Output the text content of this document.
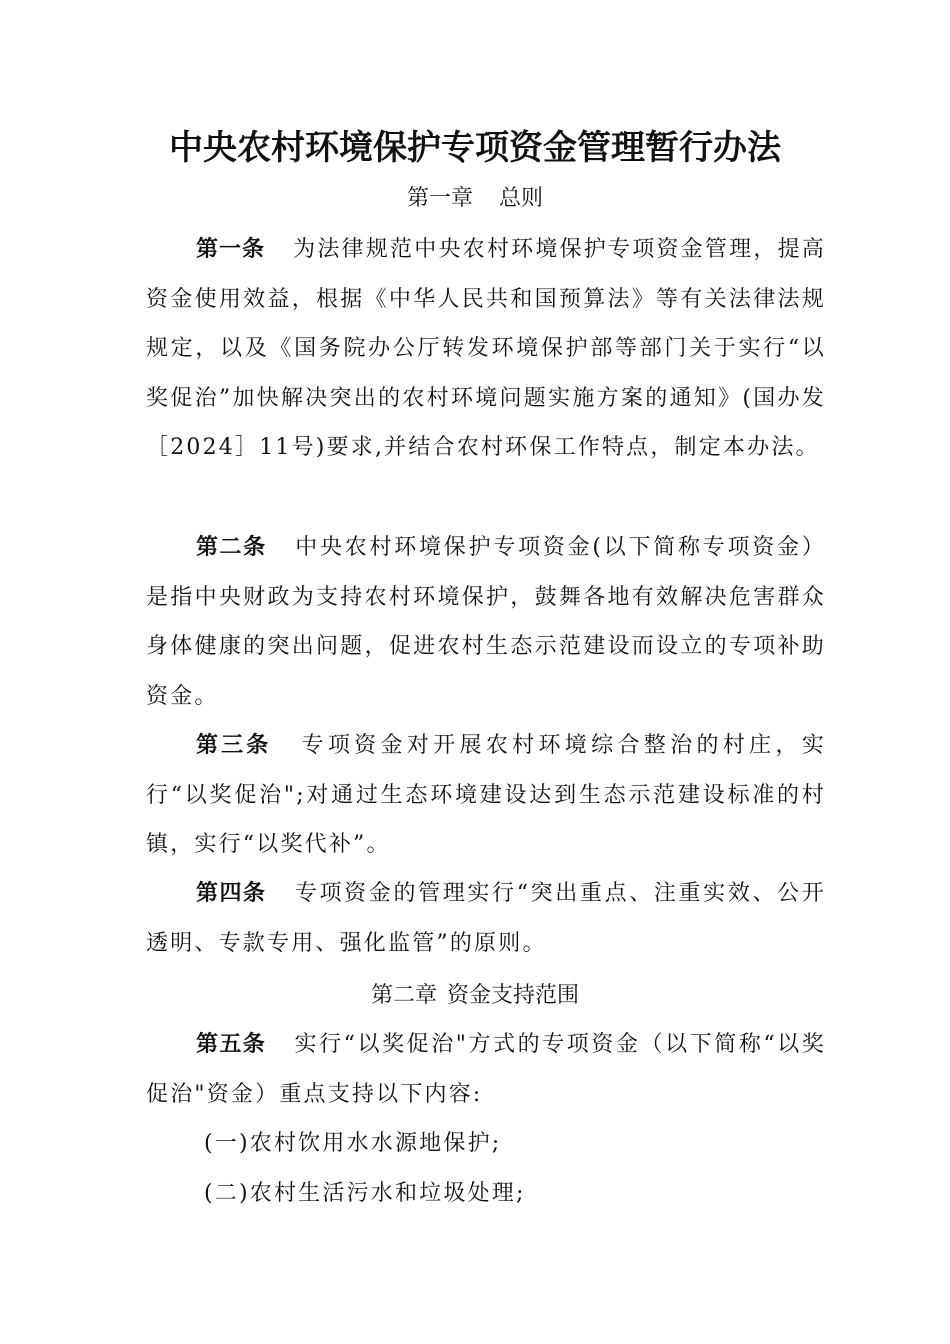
中央农村环境保护专项资金管理暂行办法
第一章 总则
第一条 为法律规范中央农村环境保护专项资金管理，提高资金使用效益，根据《中华人民共和国预算法》等有关法律法规规定，以及《国务院办公厅转发环境保护部等部门关于实行“以奖促治”加快解决突出的农村环境问题实施方案的通知》(国办发［2024］11号)要求,并结合农村环保工作特点，制定本办法。
第二条 中央农村环境保护专项资金(以下简称专项资金）是指中央财政为支持农村环境保护，鼓舞各地有效解决危害群众身体健康的突出问题，促进农村生态示范建设而设立的专项补助资金。
第三条 专项资金对开展农村环境综合整治的村庄，实行“以奖促治";对通过生态环境建设达到生态示范建设标准的村镇，实行“以奖代补”。
第四条 专项资金的管理实行“突出重点、注重实效、公开透明、专款专用、强化监管”的原则。
第二章 资金支持范围
第五条 实行“以奖促治"方式的专项资金（以下简称“以奖促治"资金）重点支持以下内容:
(一)农村饮用水水源地保护;
(二)农村生活污水和垃圾处理;
